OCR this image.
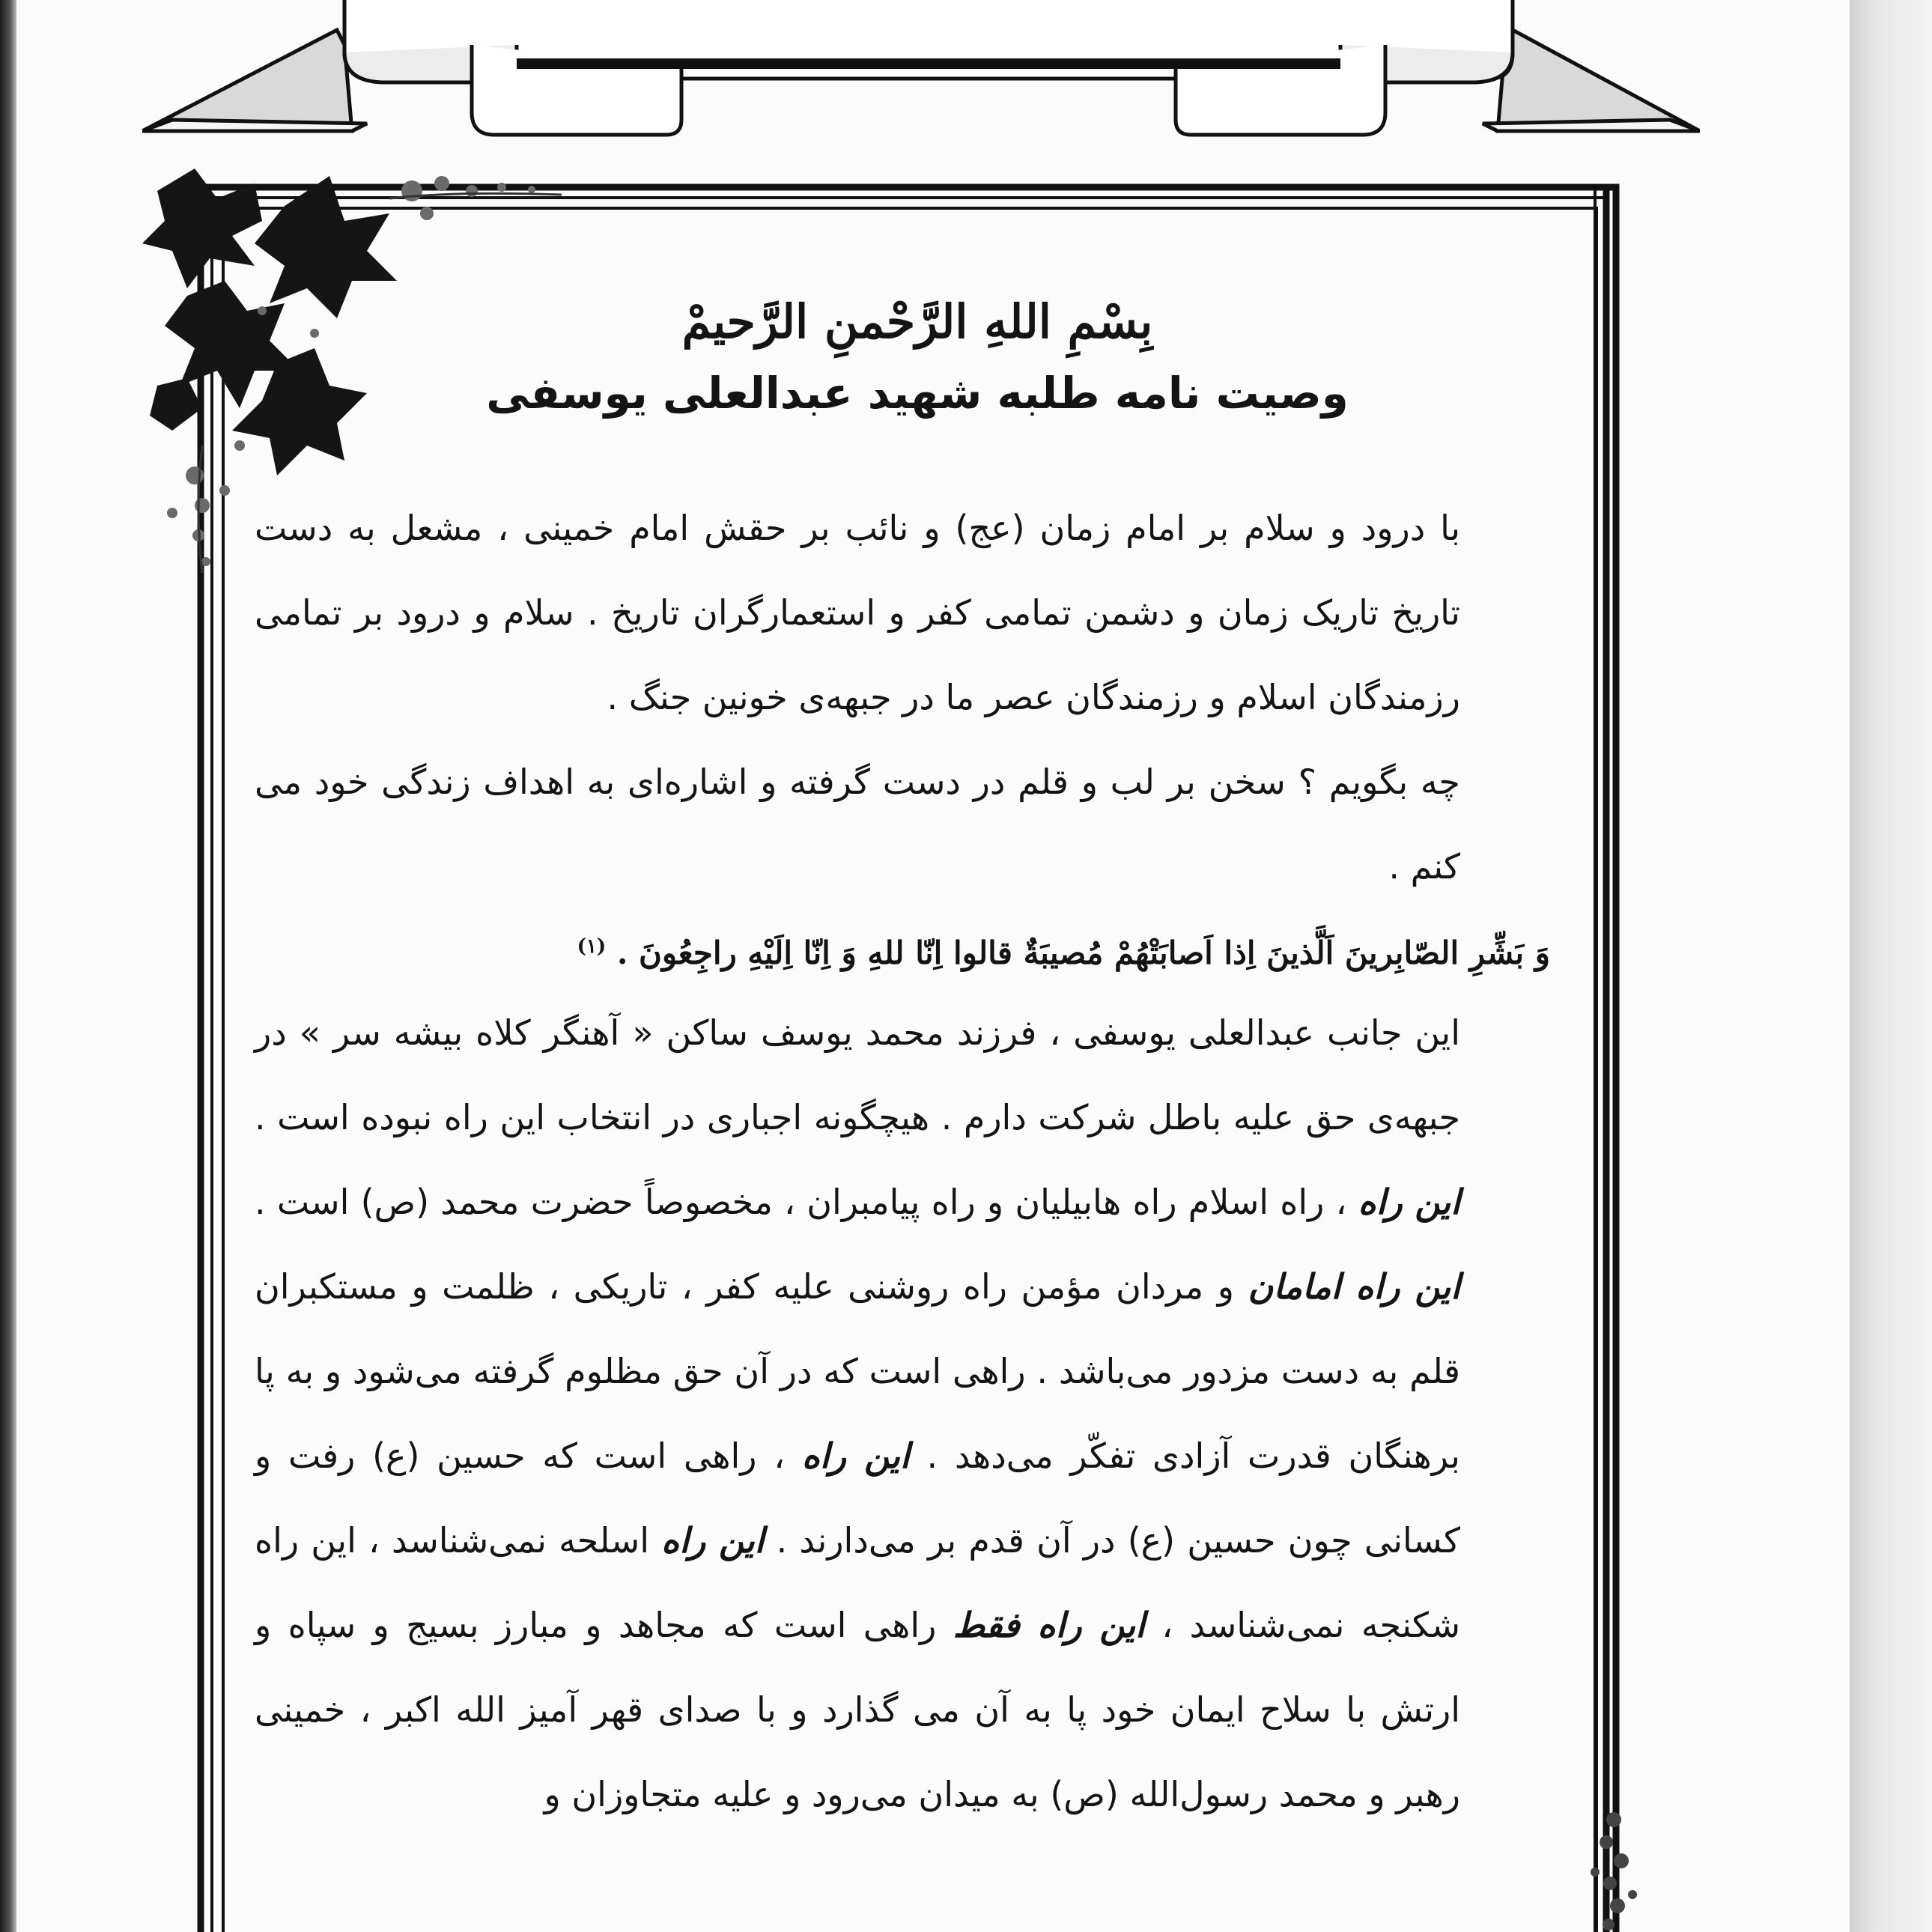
بِسْمِ اللهِ الرَّحْمنِ الرَّحيمْ
وصیت نامه طلبه شهید عبدالعلی یوسفی

با درود و سلام بر امام زمان (عج) و نائب بر حقش امام خمینی ، مشعل به دست تاریخ تاریک زمان و دشمن تمامی کفر و استعمارگران تاریخ . سلام و درود بر تمامی رزمندگان اسلام و رزمندگان عصر ما در جبهه‌ی خونین جنگ .

چه بگویم ؟ سخن بر لب و قلم در دست گرفته و اشاره‌ای به اهداف زندگی خود می کنم .

وَ بَشِّرِ الصّابِرینَ اَلَّذینَ اِذا اَصابَتْهُمْ مُصیبَةٌ قالوا اِنّا للهِ وَ اِنّا اِلَیْهِ راجِعُونَ . $^{(۱)}$

این جانب عبدالعلی یوسفی ، فرزند محمد یوسف ساکن « آهنگر کلاه بیشه سر » در جبهه‌ی حق علیه باطل شرکت دارم . هیچگونه اجباری در انتخاب این راه نبوده است . این راه ، راه اسلام راه هابیلیان و راه پیامبران ، مخصوصاً حضرت محمد (ص) است . این راه امامان و مردان مؤمن راه روشنی علیه کفر ، تاریکی ، ظلمت و مستکبران قلم به دست مزدور می‌باشد . راهی است که در آن حق مظلوم گرفته می‌شود و به پا برهنگان قدرت آزادی تفکّر می‌دهد . این راه ، راهی است که حسین (ع) رفت و کسانی چون حسین (ع) در آن قدم بر می‌دارند . این راه اسلحه نمی‌شناسد ، این راه شکنجه نمی‌شناسد ، این راه فقط راهی است که مجاهد و مبارز بسیج و سپاه و ارتش با سلاح ایمان خود پا به آن می گذارد و با صدای قهر آمیز الله اکبر ، خمینی رهبر و محمد رسول‌الله (ص) به میدان می‌رود و علیه متجاوزان و
